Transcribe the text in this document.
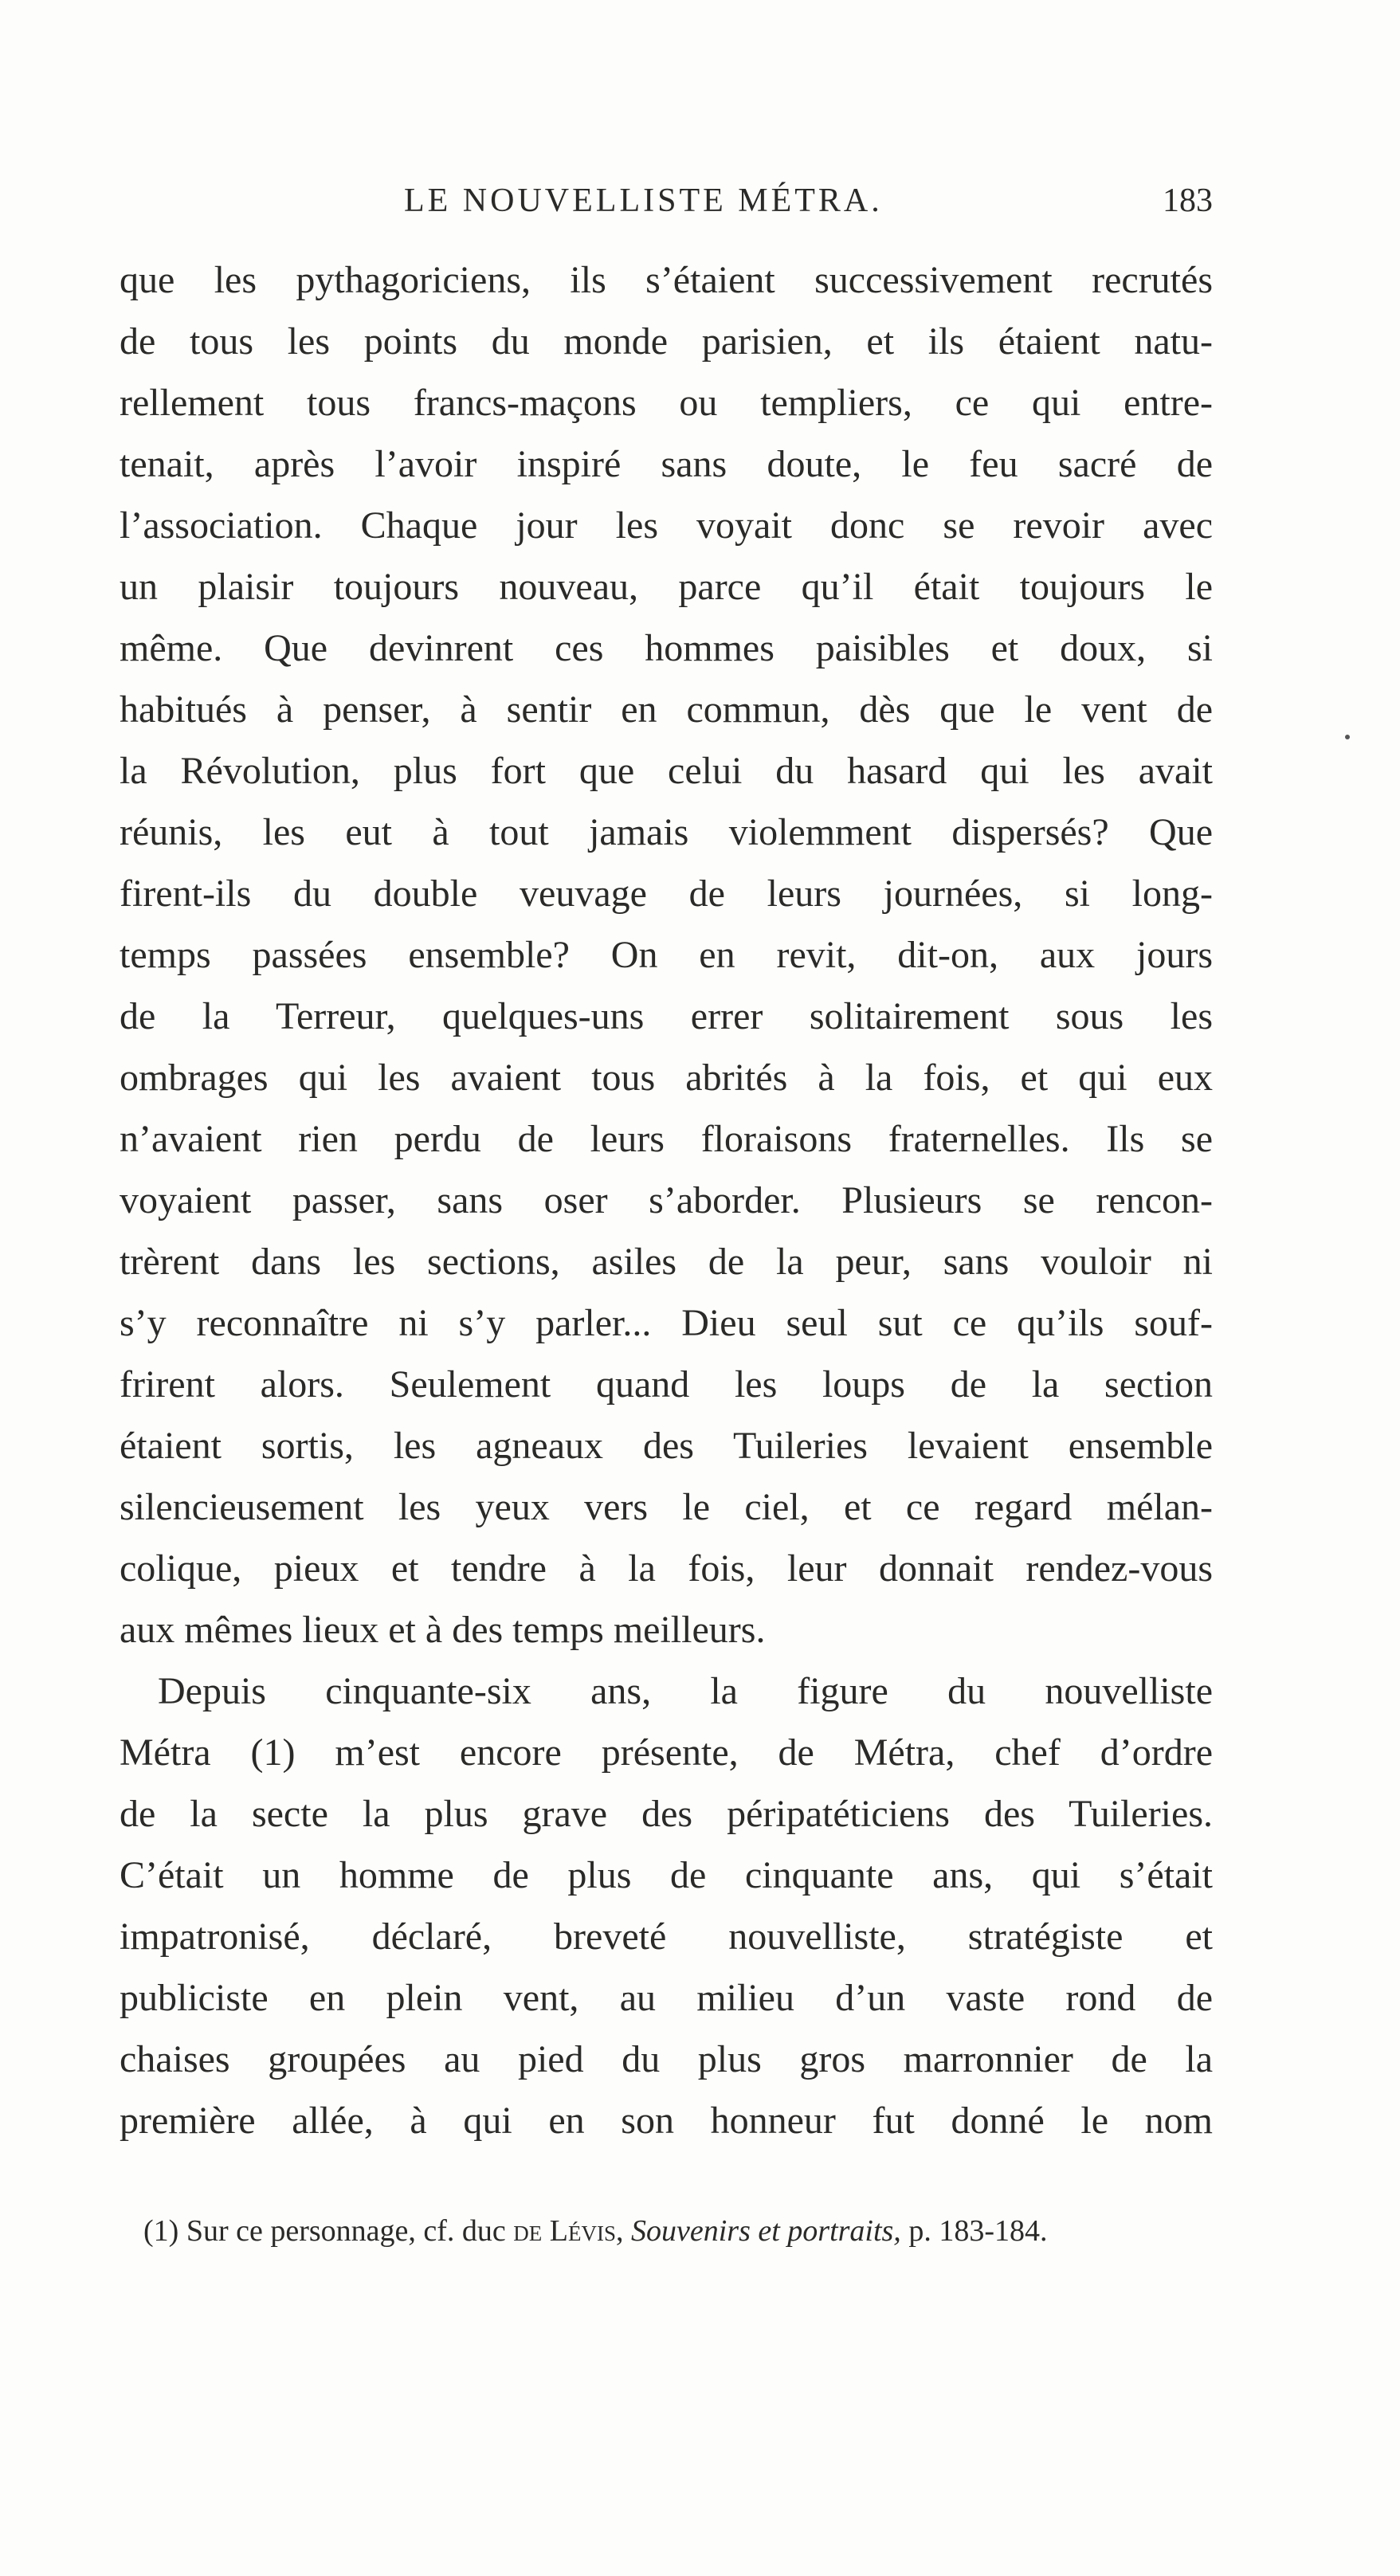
LE NOUVELLISTE MÉTRA.	183
que les pythagoriciens, ils s’étaient successivement recrutés
de tous les points du monde parisien, et ils étaient natu-
rellement tous francs-maçons ou templiers, ce qui entre-
tenait, après l’avoir inspiré sans doute, le feu sacré de
l’association. Chaque jour les voyait donc se revoir avec
un plaisir toujours nouveau, parce qu’il était toujours le
même. Que devinrent ces hommes paisibles et doux, si
habitués à penser, à sentir en commun, dès que le vent de
la Révolution, plus fort que celui du hasard qui les avait
réunis, les eut à tout jamais violemment dispersés? Que
firent-ils du double veuvage de leurs journées, si long-
temps passées ensemble? On en revit, dit-on, aux jours
de la Terreur, quelques-uns errer solitairement sous les
ombrages qui les avaient tous abrités à la fois, et qui eux
n’avaient rien perdu de leurs floraisons fraternelles. Ils se
voyaient passer, sans oser s’aborder. Plusieurs se rencon-
trèrent dans les sections, asiles de la peur, sans vouloir ni
s’y reconnaître ni s’y parler... Dieu seul sut ce qu’ils souf-
frirent alors. Seulement quand les loups de la section
étaient sortis, les agneaux des Tuileries levaient ensemble
silencieusement les yeux vers le ciel, et ce regard mélan-
colique, pieux et tendre à la fois, leur donnait rendez-vous
aux mêmes lieux et à des temps meilleurs.
Depuis cinquante-six ans, la figure du nouvelliste
Métra (1) m’est encore présente, de Métra, chef d’ordre
de la secte la plus grave des péripatéticiens des Tuileries.
C’était un homme de plus de cinquante ans, qui s’était
impatronisé, déclaré, breveté nouvelliste, stratégiste et
publiciste en plein vent, au milieu d’un vaste rond de
chaises groupées au pied du plus gros marronnier de la
première allée, à qui en son honneur fut donné le nom
(1) Sur ce personnage, cf. duc de Lévis, Souvenirs et portraits, p. 183-184.
